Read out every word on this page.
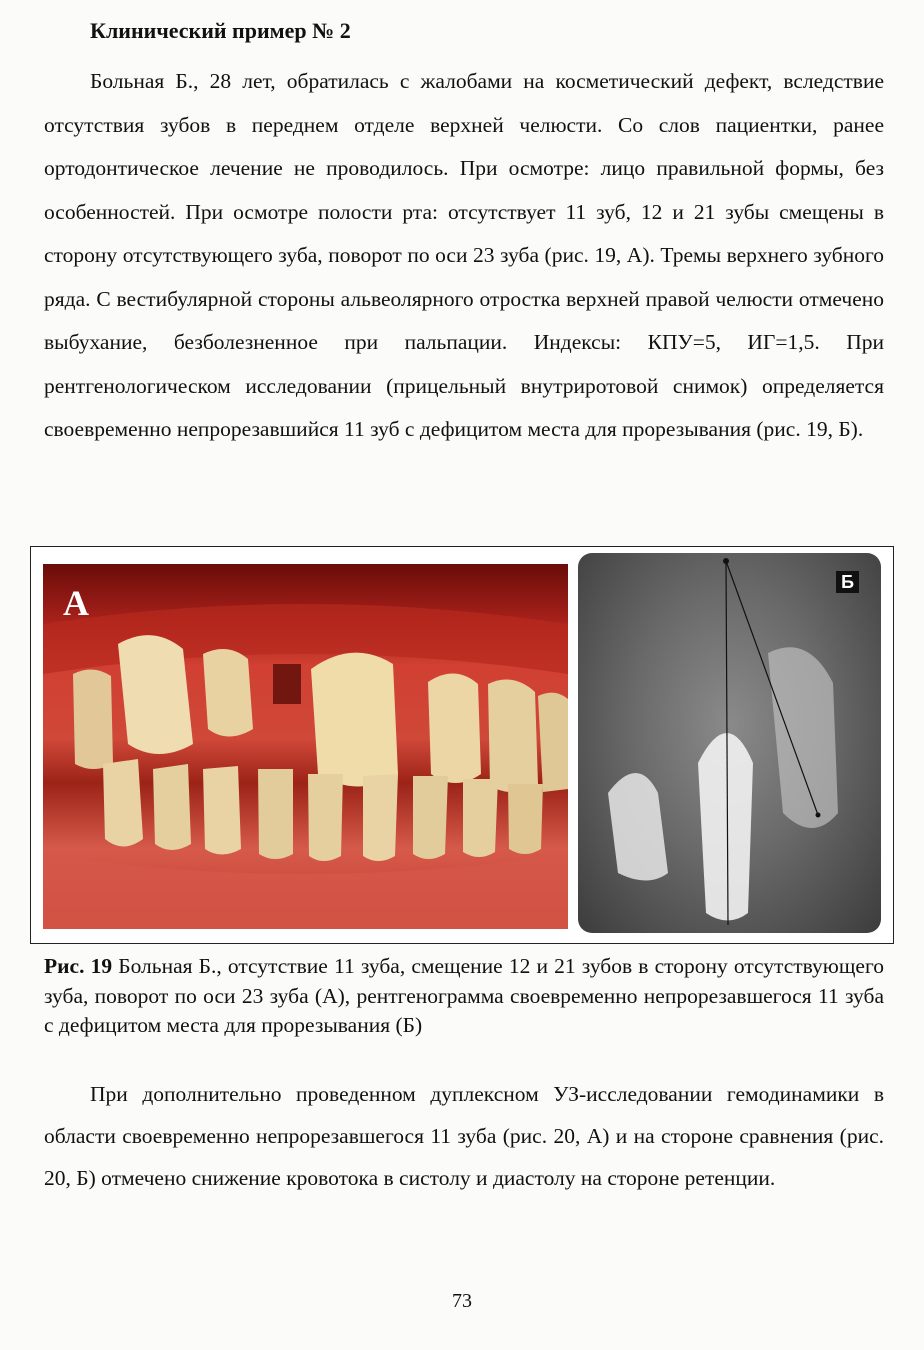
Клинический пример № 2

Больная Б., 28 лет, обратилась с жалобами на косметический дефект, вследствие отсутствия зубов в переднем отделе верхней челюсти. Со слов пациентки, ранее ортодонтическое лечение не проводилось. При осмотре: лицо правильной формы, без особенностей. При осмотре полости рта: отсутствует 11 зуб, 12 и 21 зубы смещены в сторону отсутствующего зуба, поворот по оси 23 зуба (рис. 19, А). Тремы верхнего зубного ряда. С вестибулярной стороны альвеолярного отростка верхней правой челюсти отмечено выбухание, безболезненное при пальпации. Индексы: КПУ=5, ИГ=1,5. При рентгенологическом исследовании (прицельный внутриротовой снимок) определяется своевременно непрорезавшийся 11 зуб с дефицитом места для прорезывания (рис. 19, Б).

А
Б

Рис. 19 Больная Б., отсутствие 11 зуба, смещение 12 и 21 зубов в сторону отсутствующего зуба, поворот по оси 23 зуба (А), рентгенограмма своевременно непрорезавшегося 11 зуба с дефицитом места для прорезывания (Б)

При дополнительно проведенном дуплексном УЗ-исследовании гемодинамики в области своевременно непрорезавшегося 11 зуба (рис. 20, А) и на стороне сравнения (рис. 20, Б) отмечено снижение кровотока в систолу и диастолу на стороне ретенции.

73
